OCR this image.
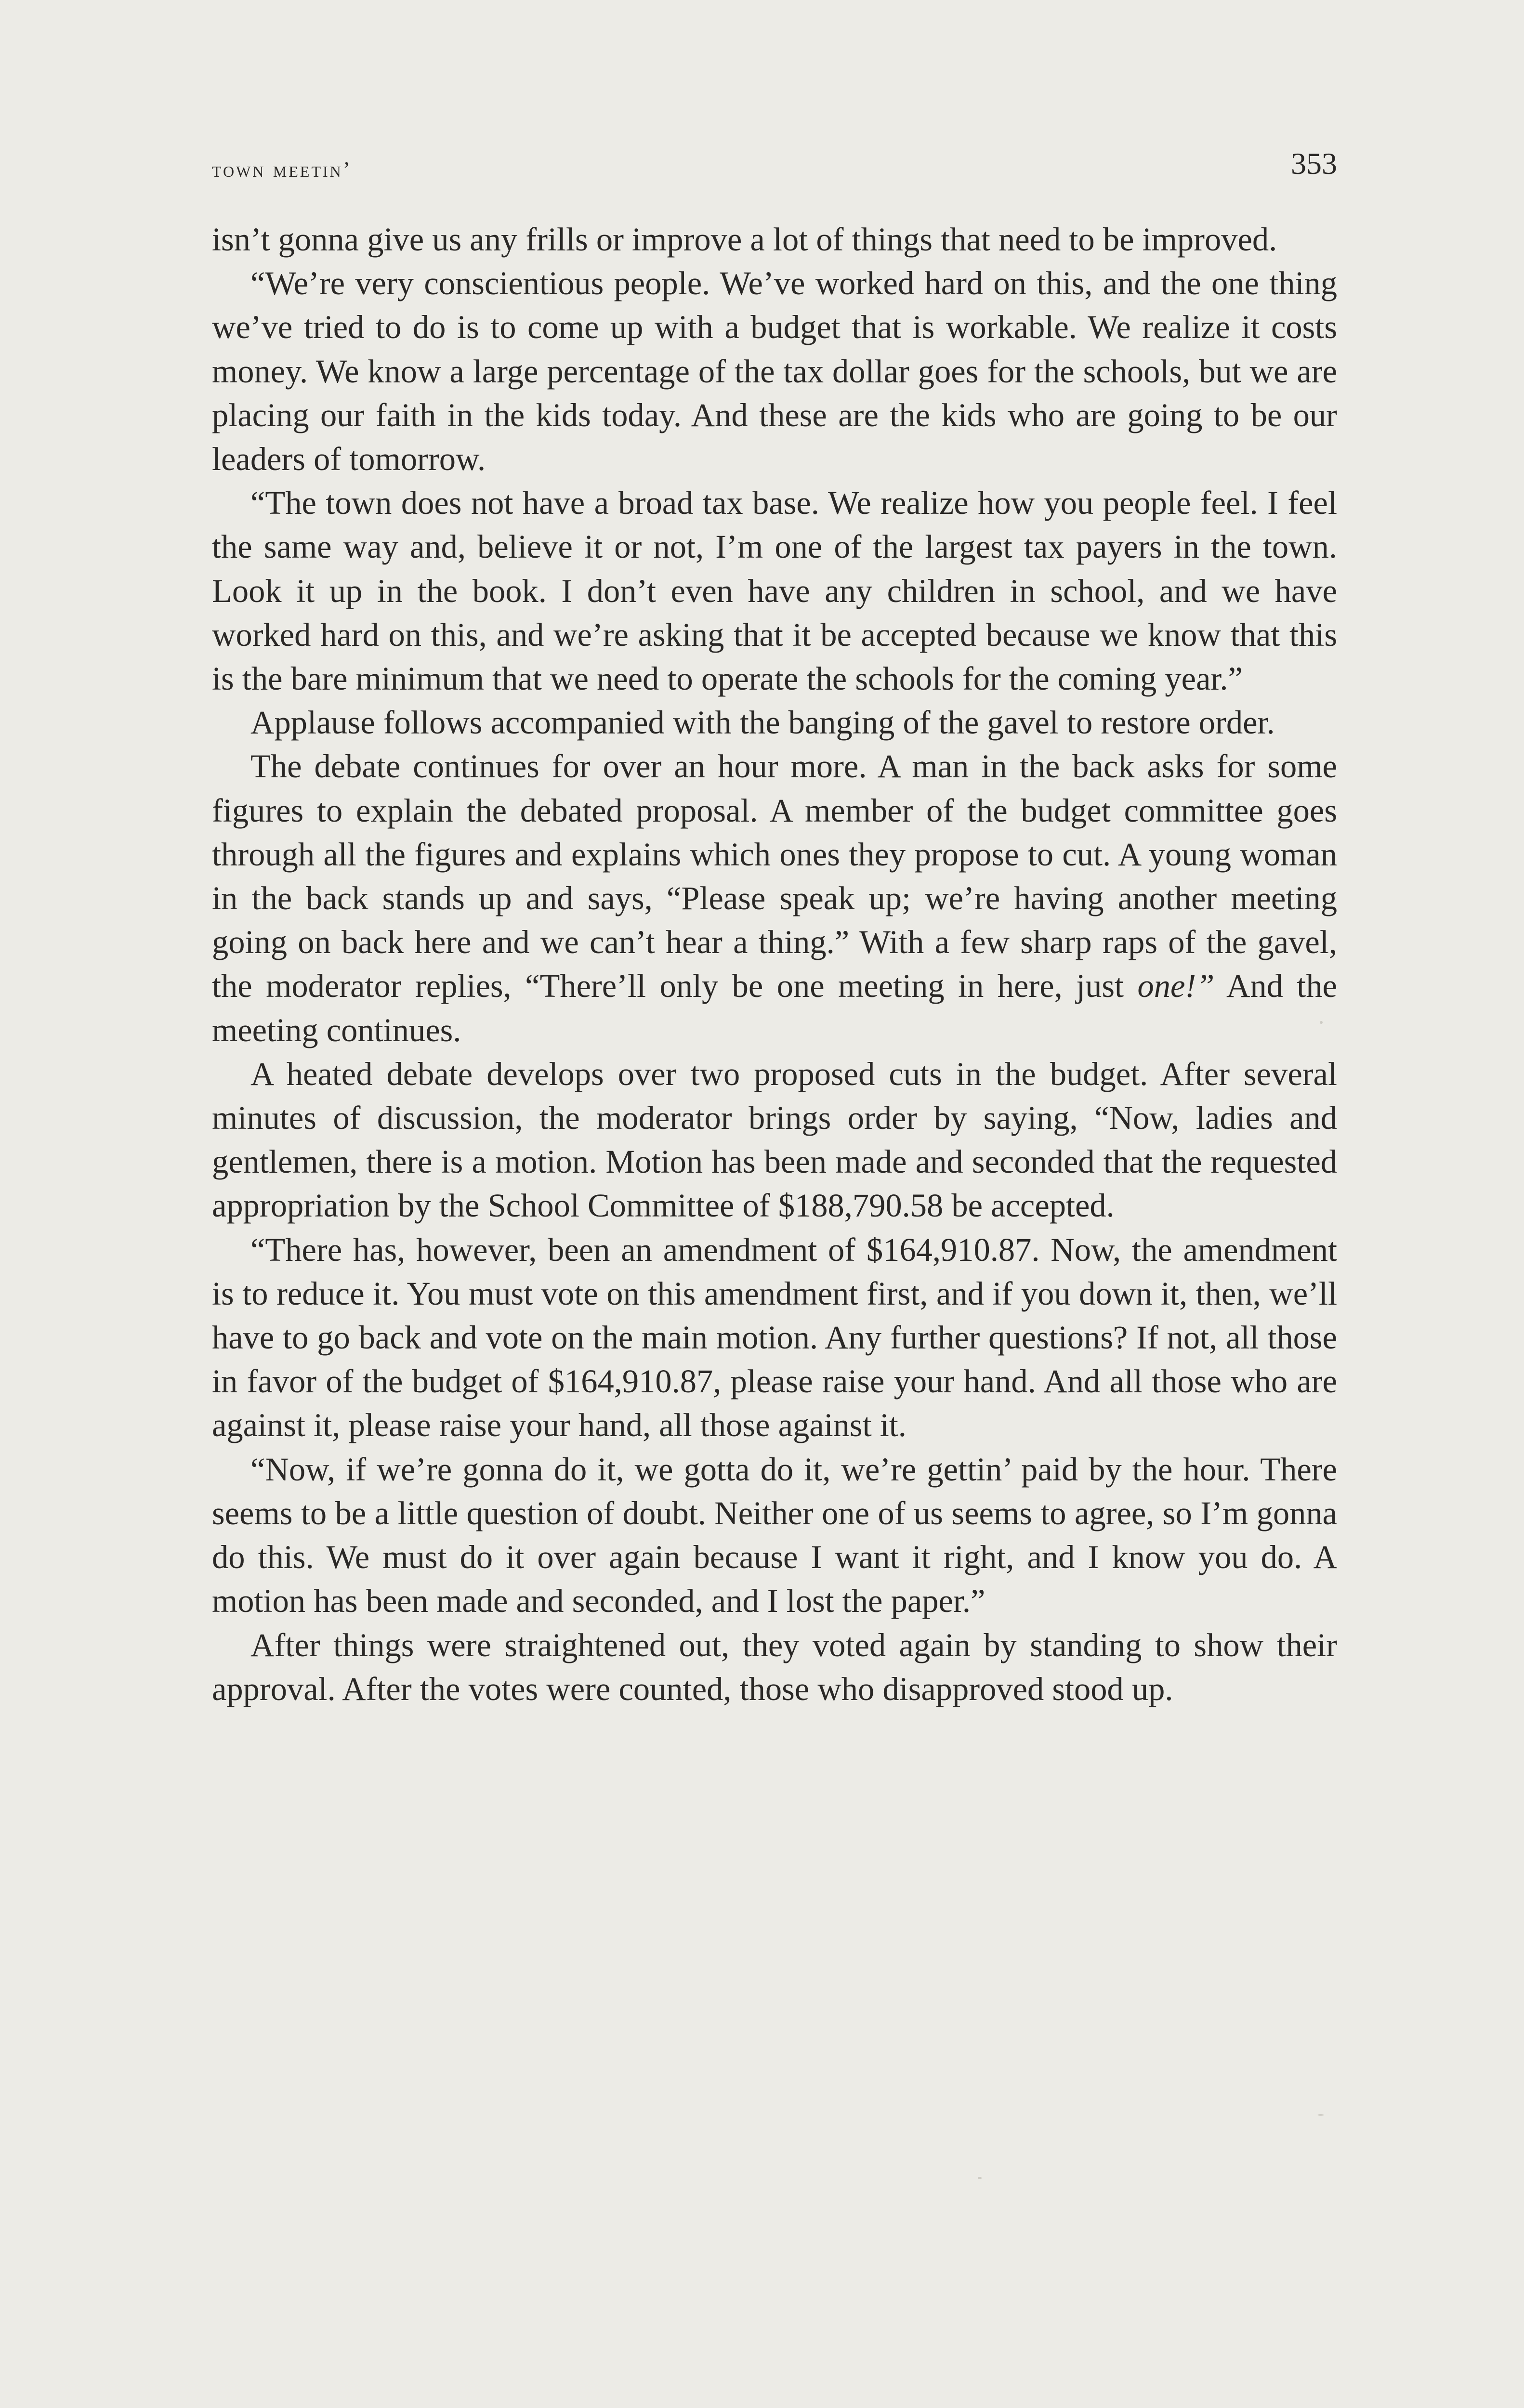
town meetin’	353

isn’t gonna give us any frills or improve a lot of things that need to be improved.

“We’re very conscientious people. We’ve worked hard on this, and the one thing we’ve tried to do is to come up with a budget that is workable. We realize it costs money. We know a large percentage of the tax dollar goes for the schools, but we are placing our faith in the kids today. And these are the kids who are going to be our leaders of tomorrow.

“The town does not have a broad tax base. We realize how you people feel. I feel the same way and, believe it or not, I’m one of the largest tax payers in the town. Look it up in the book. I don’t even have any children in school, and we have worked hard on this, and we’re asking that it be accepted because we know that this is the bare minimum that we need to operate the schools for the coming year.”

Applause follows accompanied with the banging of the gavel to restore order.

The debate continues for over an hour more. A man in the back asks for some figures to explain the debated proposal. A member of the budget committee goes through all the figures and explains which ones they propose to cut. A young woman in the back stands up and says, “Please speak up; we’re having another meeting going on back here and we can’t hear a thing.” With a few sharp raps of the gavel, the moderator replies, “There’ll only be one meeting in here, just one!” And the meeting continues.

A heated debate develops over two proposed cuts in the budget. After several minutes of discussion, the moderator brings order by saying, “Now, ladies and gentlemen, there is a motion. Motion has been made and seconded that the requested appropriation by the School Committee of $188,790.58 be accepted.

“There has, however, been an amendment of $164,910.87. Now, the amendment is to reduce it. You must vote on this amendment first, and if you down it, then, we’ll have to go back and vote on the main motion. Any further questions? If not, all those in favor of the budget of $164,910.87, please raise your hand. And all those who are against it, please raise your hand, all those against it.

“Now, if we’re gonna do it, we gotta do it, we’re gettin’ paid by the hour. There seems to be a little question of doubt. Neither one of us seems to agree, so I’m gonna do this. We must do it over again because I want it right, and I know you do. A motion has been made and seconded, and I lost the paper.”

After things were straightened out, they voted again by standing to show their approval. After the votes were counted, those who disapproved stood up.
